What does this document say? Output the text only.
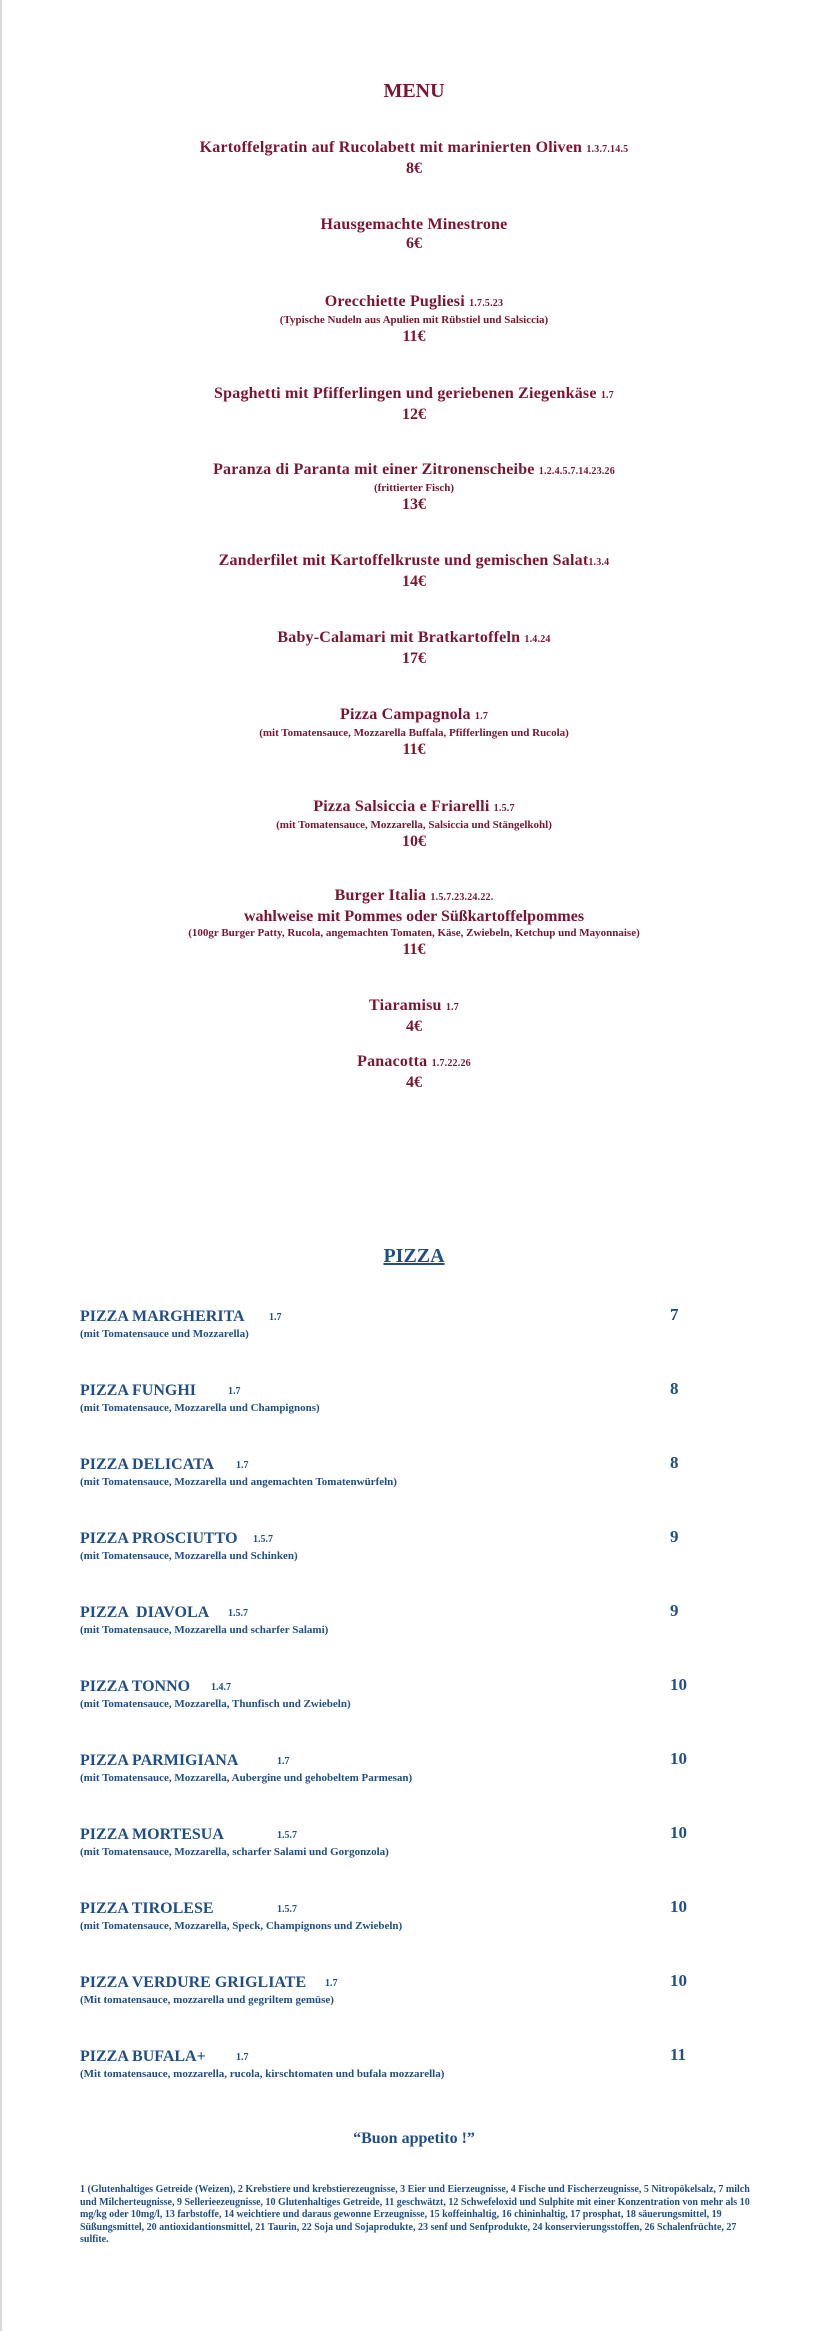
MENU
Kartoffelgratin auf Rucolabett mit marinierten Oliven 1.3.7.14.5
8€
Hausgemachte Minestrone
6€
Orecchiette Pugliesi 1.7.5.23
(Typische Nudeln aus Apulien mit Rübstiel und Salsiccia)
11€
Spaghetti mit Pfifferlingen und geriebenen Ziegenkäse 1.7
12€
Paranza di Paranta mit einer Zitronenscheibe 1.2.4.5.7.14.23.26
(frittierter Fisch)
13€
Zanderfilet mit Kartoffelkruste und gemischen Salat1.3.4
14€
Baby-Calamari mit Bratkartoffeln 1.4.24
17€
Pizza Campagnola 1.7
(mit Tomatensauce, Mozzarella Buffala, Pfifferlingen und Rucola)
11€
Pizza Salsiccia e Friarelli 1.5.7
(mit Tomatensauce, Mozzarella, Salsiccia und Stängelkohl)
10€
Burger Italia 1.5.7.23.24.22.
wahlweise mit Pommes oder Süßkartoffelpommes
(100gr Burger Patty, Rucola, angemachten Tomaten, Käse, Zwiebeln, Ketchup und Mayonnaise)
11€
Tiaramisu 1.7
4€
Panacotta 1.7.22.26
4€
PIZZA
PIZZA MARGHERITA 1.7	7
(mit Tomatensauce und Mozzarella)
PIZZA FUNGHI	1.7	8
(mit Tomatensauce, Mozzarella und Champignons)
PIZZA DELICATA 1.7	8
(mit Tomatensauce, Mozzarella und angemachten Tomatenwürfeln)
PIZZA PROSCIUTTO 1.5.7	9
(mit Tomatensauce, Mozzarella und Schinken)
PIZZA  DIAVOLA 1.5.7	9
(mit Tomatensauce, Mozzarella und scharfer Salami)
PIZZA TONNO 1.4.7	10
(mit Tomatensauce, Mozzarella, Thunfisch und Zwiebeln)
PIZZA PARMIGIANA	1.7	10
(mit Tomatensauce, Mozzarella, Aubergine und gehobeltem Parmesan)
PIZZA MORTESUA	1.5.7	10
(mit Tomatensauce, Mozzarella, scharfer Salami und Gorgonzola)
PIZZA TIROLESE	1.5.7	10
(mit Tomatensauce, Mozzarella, Speck, Champignons und Zwiebeln)
PIZZA VERDURE GRIGLIATE 1.7	10
(Mit tomatensauce, mozzarella und gegriltem gemüse)
PIZZA BUFALA+	1.7	11
(Mit tomatensauce, mozzarella, rucola, kirschtomaten und bufala mozzarella)
“Buon appetito !”
1 (Glutenhaltiges Getreide (Weizen), 2 Krebstiere und krebstierezeugnisse, 3 Eier und Eierzeugnisse, 4 Fische und Fischerzeugnisse, 5 Nitropökelsalz, 7 milch und Milcherteugnisse, 9 Sellerieezeugnisse, 10 Glutenhaltiges Getreide, 11 geschwätzt, 12 Schwefeloxid und Sulphite mit einer Konzentration von mehr als 10 mg/kg oder 10mg/l, 13 farbstoffe, 14 weichtiere und daraus gewonne Erzeugnisse, 15 koffeinhaltig, 16 chininhaltig, 17 prosphat, 18 säuerungsmittel, 19 Süßungsmittel, 20 antioxidantionsmittel, 21 Taurin, 22 Soja und Sojaprodukte, 23 senf und Senfprodukte, 24 konservierungsstoffen, 26 Schalenfrüchte, 27 sulfite.
